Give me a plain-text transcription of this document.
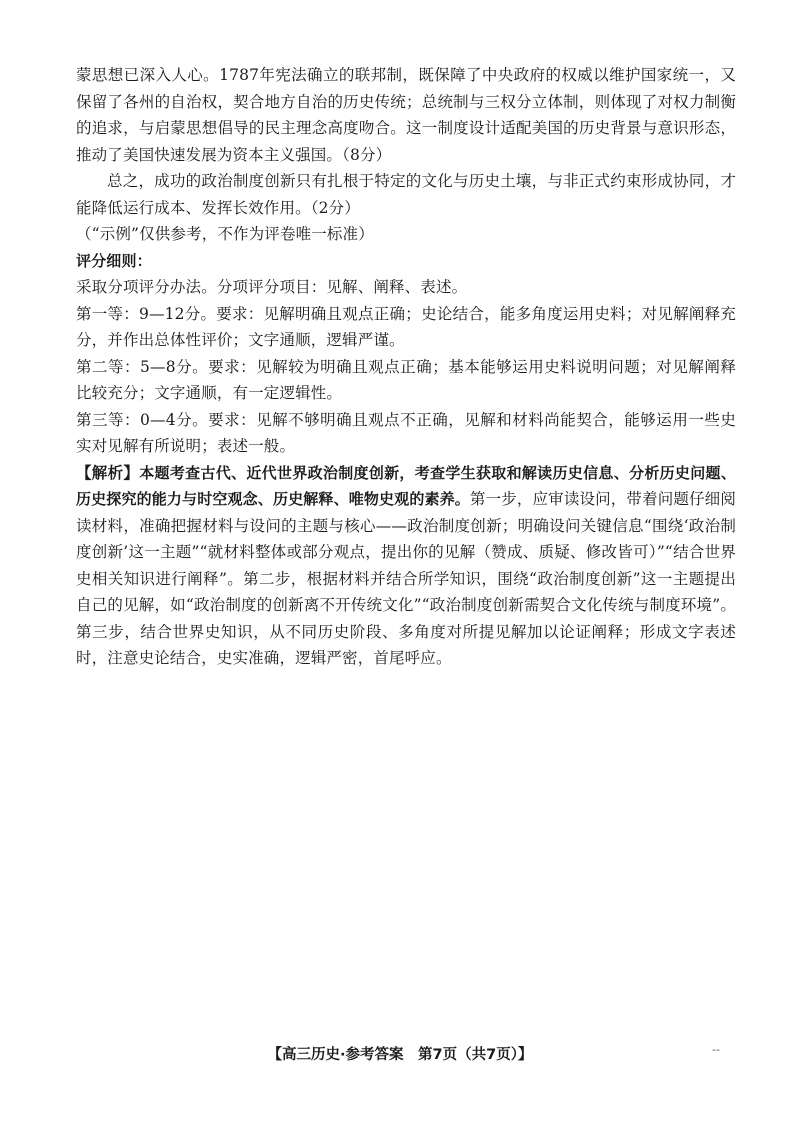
蒙思想已深入人心。1787年宪法确立的联邦制，既保障了中央政府的权威以维护国家统一，又保留了各州的自治权，契合地方自治的历史传统；总统制与三权分立体制，则体现了对权力制衡的追求，与启蒙思想倡导的民主理念高度吻合。这一制度设计适配美国的历史背景与意识形态，推动了美国快速发展为资本主义强国。（8分）

总之，成功的政治制度创新只有扎根于特定的文化与历史土壤，与非正式约束形成协同，才能降低运行成本、发挥长效作用。（2分）

（“示例”仅供参考，不作为评卷唯一标准）

评分细则：

采取分项评分办法。分项评分项目：见解、阐释、表述。

第一等：9—12分。要求：见解明确且观点正确；史论结合，能多角度运用史料；对见解阐释充分，并作出总体性评价；文字通顺，逻辑严谨。

第二等：5—8分。要求：见解较为明确且观点正确；基本能够运用史料说明问题；对见解阐释比较充分；文字通顺，有一定逻辑性。

第三等：0—4分。要求：见解不够明确且观点不正确，见解和材料尚能契合，能够运用一些史实对见解有所说明；表述一般。

【解析】本题考查古代、近代世界政治制度创新，考查学生获取和解读历史信息、分析历史问题、历史探究的能力与时空观念、历史解释、唯物史观的素养。第一步，应审读设问，带着问题仔细阅读材料，准确把握材料与设问的主题与核心——政治制度创新；明确设问关键信息“围绕‘政治制度创新’这一主题”“就材料整体或部分观点，提出你的见解（赞成、质疑、修改皆可）”“结合世界史相关知识进行阐释”。第二步，根据材料并结合所学知识，围绕“政治制度创新”这一主题提出自己的见解，如“政治制度的创新离不开传统文化”“政治制度创新需契合文化传统与制度环境”。第三步，结合世界史知识，从不同历史阶段、多角度对所提见解加以论证阐释；形成文字表述时，注意史论结合，史实准确，逻辑严密，首尾呼应。

【高三历史·参考答案　第7页（共7页）】	--
